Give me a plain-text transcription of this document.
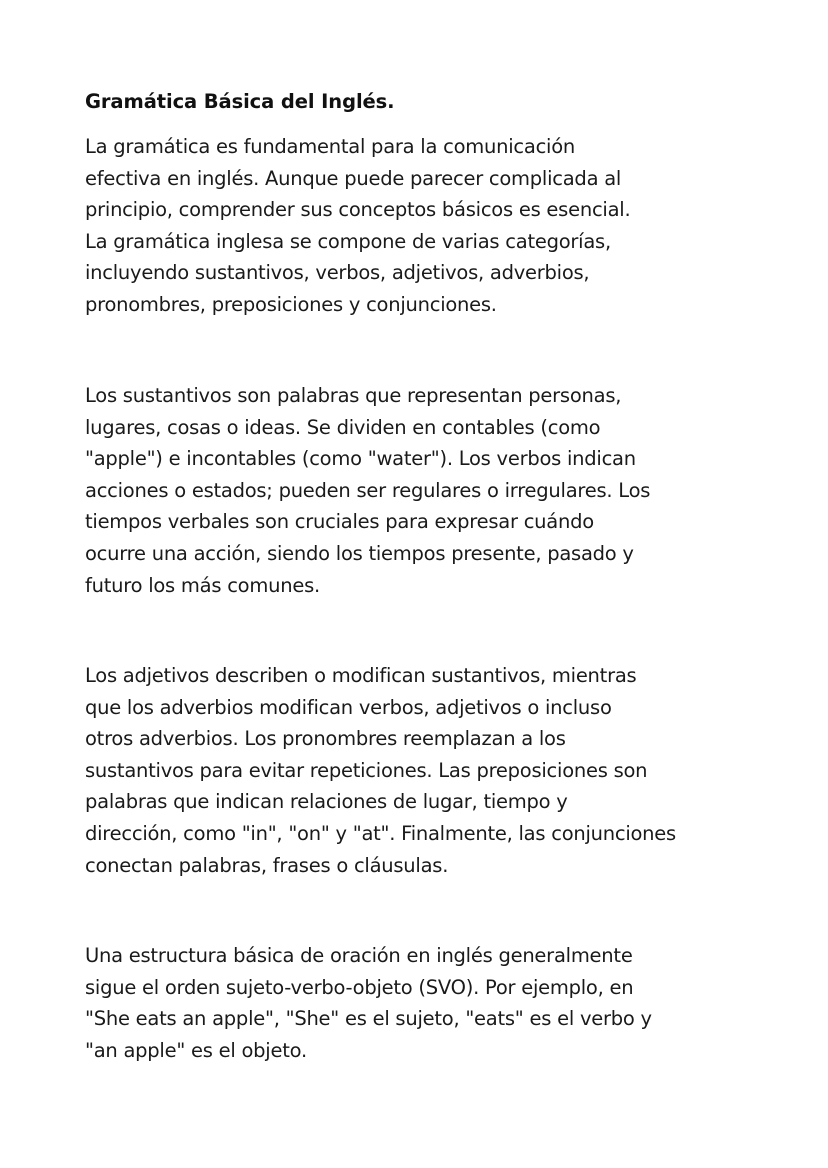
Gramática Básica del Inglés.

La gramática es fundamental para la comunicación
efectiva en inglés. Aunque puede parecer complicada al
principio, comprender sus conceptos básicos es esencial.
La gramática inglesa se compone de varias categorías,
incluyendo sustantivos, verbos, adjetivos, adverbios,
pronombres, preposiciones y conjunciones.

Los sustantivos son palabras que representan personas,
lugares, cosas o ideas. Se dividen en contables (como
"apple") e incontables (como "water"). Los verbos indican
acciones o estados; pueden ser regulares o irregulares. Los
tiempos verbales son cruciales para expresar cuándo
ocurre una acción, siendo los tiempos presente, pasado y
futuro los más comunes.

Los adjetivos describen o modifican sustantivos, mientras
que los adverbios modifican verbos, adjetivos o incluso
otros adverbios. Los pronombres reemplazan a los
sustantivos para evitar repeticiones. Las preposiciones son
palabras que indican relaciones de lugar, tiempo y
dirección, como "in", "on" y "at". Finalmente, las conjunciones
conectan palabras, frases o cláusulas.

Una estructura básica de oración en inglés generalmente
sigue el orden sujeto-verbo-objeto (SVO). Por ejemplo, en
"She eats an apple", "She" es el sujeto, "eats" es el verbo y
"an apple" es el objeto.
